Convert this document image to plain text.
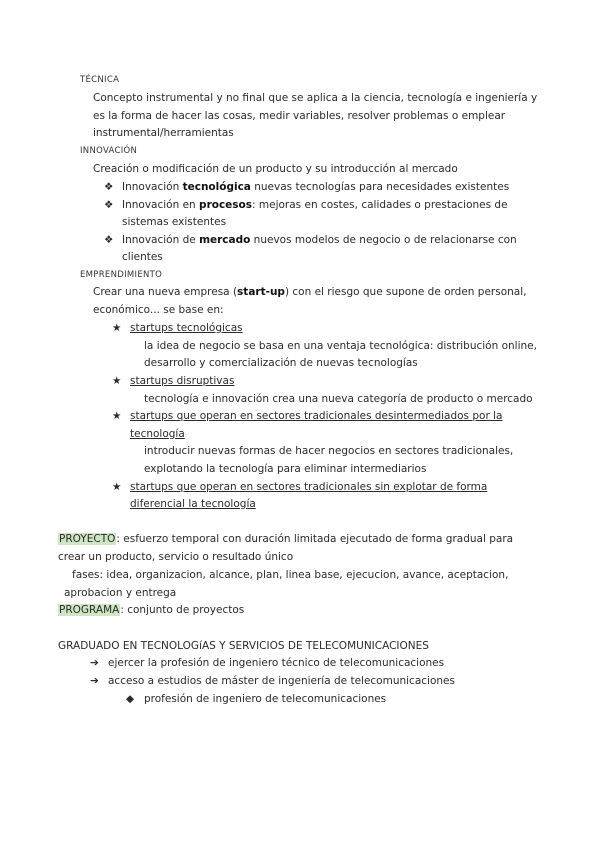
TÉCNICA
Concepto instrumental y no final que se aplica a la ciencia, tecnología e ingeniería y
es la forma de hacer las cosas, medir variables, resolver problemas o emplear
instrumental/herramientas
INNOVACIÓN
Creación o modificación de un producto y su introducción al mercado
❖ Innovación tecnológica nuevas tecnologías para necesidades existentes
❖ Innovación en procesos: mejoras en costes, calidades o prestaciones de
sistemas existentes
❖ Innovación de mercado nuevos modelos de negocio o de relacionarse con
clientes
EMPRENDIMIENTO
Crear una nueva empresa (start-up) con el riesgo que supone de orden personal,
económico... se base en:
★ startups tecnológicas
la idea de negocio se basa en una ventaja tecnológica: distribución online,
desarrollo y comercialización de nuevas tecnologías
★ startups disruptivas
tecnología e innovación crea una nueva categoría de producto o mercado
★ startups que operan en sectores tradicionales desintermediados por la
tecnología
introducir nuevas formas de hacer negocios en sectores tradicionales,
explotando la tecnología para eliminar intermediarios
★ startups que operan en sectores tradicionales sin explotar de forma
diferencial la tecnología
PROYECTO: esfuerzo temporal con duración limitada ejecutado de forma gradual para
crear un producto, servicio o resultado único
fases: idea, organizacion, alcance, plan, linea base, ejecucion, avance, aceptacion,
aprobacion y entrega
PROGRAMA: conjunto de proyectos
GRADUADO EN TECNOLOGíAS Y SERVICIOS DE TELECOMUNICACIONES
➔ ejercer la profesión de ingeniero técnico de telecomunicaciones
➔ acceso a estudios de máster de ingeniería de telecomunicaciones
◆ profesión de ingeniero de telecomunicaciones
